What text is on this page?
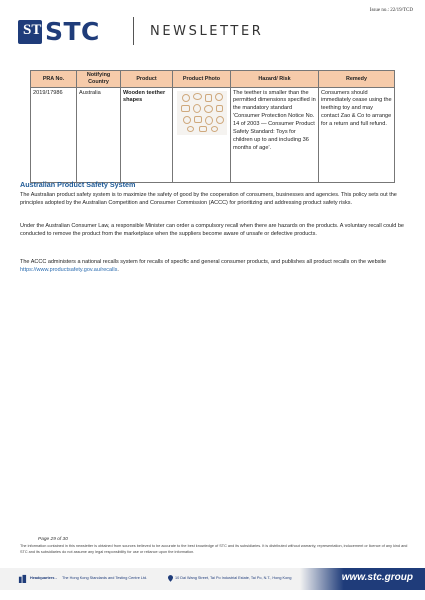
ST STC	NEWSLETTER
Issue no.: 22/19/TCD
PRA No.	Notifying Country	Product	Product Photo	Hazard/ Risk	Remedy
2019/17986	Australia	Wooden teether shapes		The teether is smaller than the permitted dimensions specified in the mandatory standard 'Consumer Protection Notice No. 14 of 2003 — Consumer Product Safety Standard: Toys for children up to and including 36 months of age'.	Consumers should immediately cease using the teething toy and may contact Zao & Co to arrange for a return and full refund.
Australian Product Safety System

The Australian product safety system is to maximize the safety of good by the cooperation of consumers, businesses and agencies. This policy sets out the principles adopted by the Australian Competition and Consumer Commission (ACCC) for prioritizing and addressing product safety risks.

Under the Australian Consumer Law, a responsible Minister can order a compulsory recall when there are hazards on the products. A voluntary recall could be conducted to remove the product from the marketplace when the suppliers become aware of unsafe or defective products.

The ACCC administers a national recalls system for recalls of specific and general consumer products, and publishes all product recalls on the website https://www.productsafety.gov.au/recalls.

Page 29 of 30
The information contained in this newsletter is obtained from sources believed to be accurate to the best knowledge of STC and its subsidiaries. It is distributed without warranty, representation, inducement or licence of any kind and STC and its subsidiaries do not assume any legal responsibility for use or reliance upon the information.
Headquarters - The Hong Kong Standards and Testing Centre Ltd.	10 Dai Wang Street, Tai Po Industrial Estate, Tai Po, N.T., Hong Kong	www.stc.group
